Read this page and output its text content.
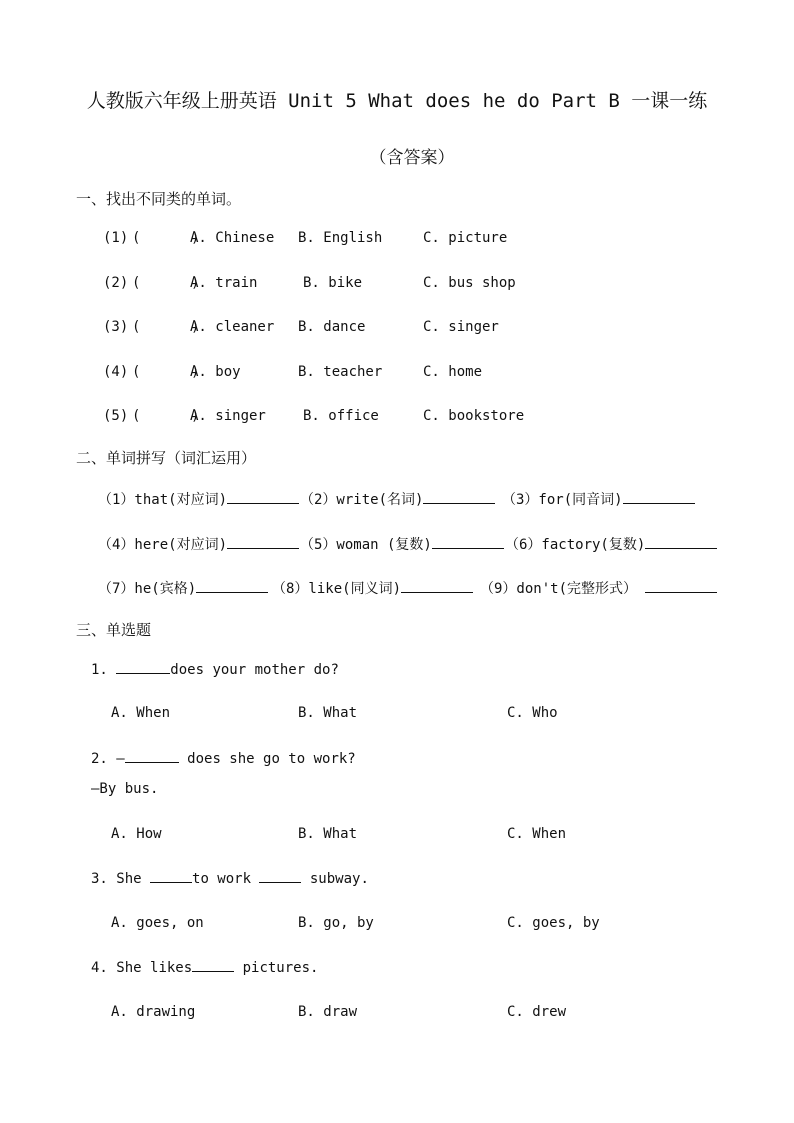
人教版六年级上册英语 Unit 5 What does he do Part B 一课一练
（含答案）
一、找出不同类的单词。
(1) (      )
A. Chinese B. English	C. picture
(2) (      )
A. train	B. bike	C. bus shop
(3) (      )
A. cleaner B. dance	C. singer
(4) (      )
A. boy	B. teacher	C. home
(5) (      )
A. singer	B. office	C. bookstore
二、单词拼写（词汇运用）
（1）that(对应词)	（2）write(名词)	（3）for(同音词)
（4）here(对应词)	（5）woman (复数)	（6）factory(复数)
（7）he(宾格)	（8）like(同义词)	（9）don't(完整形式）
三、单选题
1.	does your mother do?
A. When	B. What	C. Who
2. —	does she go to work?
—By bus.
A. How	B. What	C. When
3. She	to work	subway.
A. goes, on	B. go, by	C. goes, by
4. She likes	pictures.
A. drawing	B. draw	C. drew
